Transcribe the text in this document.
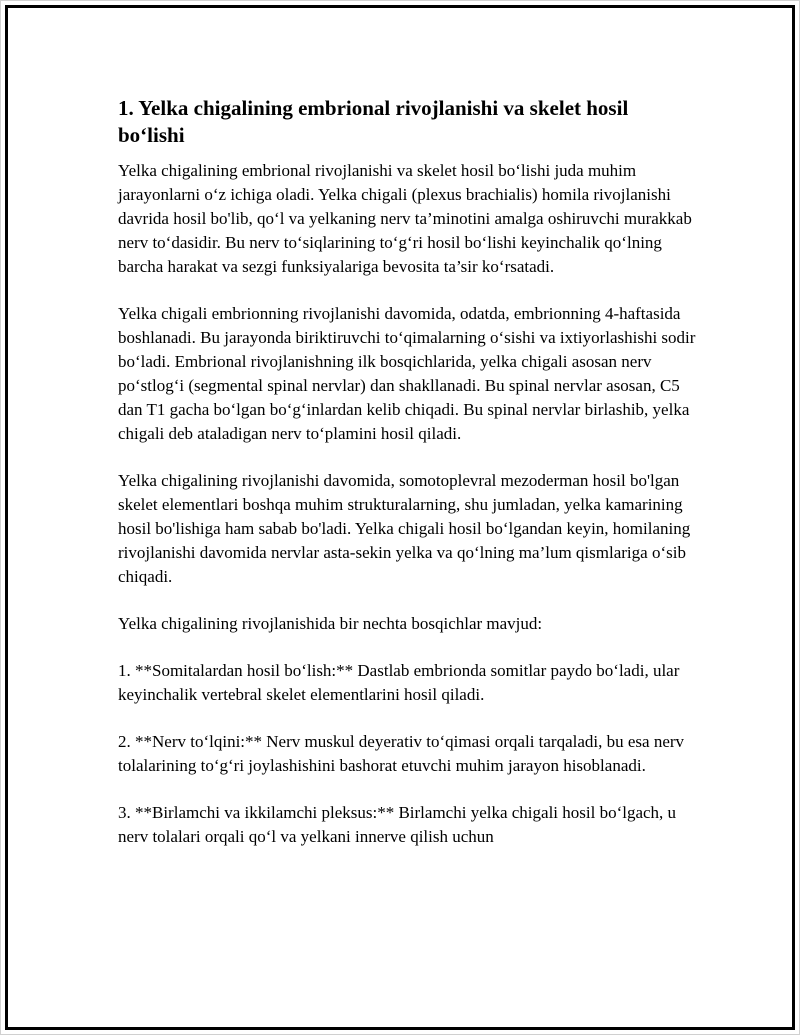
1. Yelka chigalining embrional rivojlanishi va skelet hosil bo‘lishi

Yelka chigalining embrional rivojlanishi va skelet hosil bo‘lishi juda muhim jarayonlarni o‘z ichiga oladi. Yelka chigali (plexus brachialis) homila rivojlanishi davrida hosil bo'lib, qo‘l va yelkaning nerv ta’minotini amalga oshiruvchi murakkab nerv to‘dasidir. Bu nerv to‘siqlarining to‘g‘ri hosil bo‘lishi keyinchalik qo‘lning barcha harakat va sezgi funksiyalariga bevosita ta’sir ko‘rsatadi.

Yelka chigali embrionning rivojlanishi davomida, odatda, embrionning 4-haftasida boshlanadi. Bu jarayonda biriktiruvchi to‘qimalarning o‘sishi va ixtiyorlashishi sodir bo‘ladi. Embrional rivojlanishning ilk bosqichlarida, yelka chigali asosan nerv po‘stlog‘i (segmental spinal nervlar) dan shakllanadi. Bu spinal nervlar asosan, C5 dan T1 gacha bo‘lgan bo‘g‘inlardan kelib chiqadi. Bu spinal nervlar birlashib, yelka chigali deb ataladigan nerv to‘plamini hosil qiladi.

Yelka chigalining rivojlanishi davomida, somotoplevral mezoderman hosil bo'lgan skelet elementlari boshqa muhim strukturalarning, shu jumladan, yelka kamarining hosil bo'lishiga ham sabab bo'ladi. Yelka chigali hosil bo‘lgandan keyin, homilaning rivojlanishi davomida nervlar asta-sekin yelka va qo‘lning ma’lum qismlariga o‘sib chiqadi.

Yelka chigalining rivojlanishida bir nechta bosqichlar mavjud:

1. **Somitalardan hosil bo‘lish:** Dastlab embrionda somitlar paydo bo‘ladi, ular keyinchalik vertebral skelet elementlarini hosil qiladi.

2. **Nerv to‘lqini:** Nerv muskul deyerativ to‘qimasi orqali tarqaladi, bu esa nerv tolalarining to‘g‘ri joylashishini bashorat etuvchi muhim jarayon hisoblanadi.

3. **Birlamchi va ikkilamchi pleksus:** Birlamchi yelka chigali hosil bo‘lgach, u nerv tolalari orqali qo‘l va yelkani innerve qilish uchun
